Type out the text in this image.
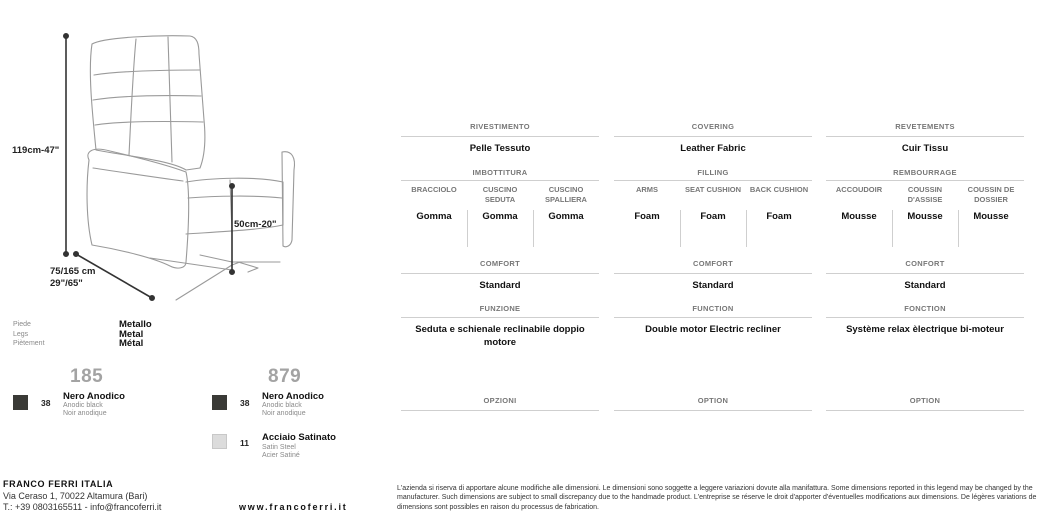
119cm-47"
50cm-20"
75/165 cm
29"/65"
Piede
Legs
Piètement
Metallo
Metal
Métal
185
38
Nero Anodico
Anodic black
Noir anodique
879
38
Nero Anodico
Anodic black
Noir anodique
11 Acciaio Satinato
Satin Steel
Acier Satiné
FRANCO FERRI ITALIA
Via Ceraso 1, 70022 Altamura (Bari)
T.: +39 0803165511 - info@francoferri.it	www.francoferri.it
L'azienda si riserva di apportare alcune modifiche alle dimensioni. Le dimensioni sono soggette a leggere variazioni dovute alla manifattura. Some dimensions reported in this legend may be changed by the manufacturer. Such dimensions are subject to small discrepancy due to the handmade product. L'entreprise se réserve le droit d'apporter d'éventuelles modifications aux dimensions. De légères variations de dimensions sont possibles en raison du processus de fabrication.
RIVESTIMENTO
Pelle Tessuto
IMBOTTITURA
BRACCIOLO
Gomma
CUSCINO SEDUTA
Gomma
CUSCINO SPALLIERA
Gomma
COMFORT
Standard
FUNZIONE
Seduta e schienale reclinabile doppio motore
OPZIONI
COVERING
Leather Fabric
FILLING
ARMS
Foam
SEAT CUSHION
Foam
BACK CUSHION
Foam
COMFORT
Standard
FUNCTION
Double motor Electric recliner
OPTION
REVETEMENTS
Cuir Tissu
REMBOURRAGE
ACCOUDOIR
Mousse
COUSSIN D'ASSISE
Mousse
COUSSIN DE DOSSIER
Mousse
CONFORT
Standard
FONCTION
Système relax èlectrique bi-moteur
OPTION
